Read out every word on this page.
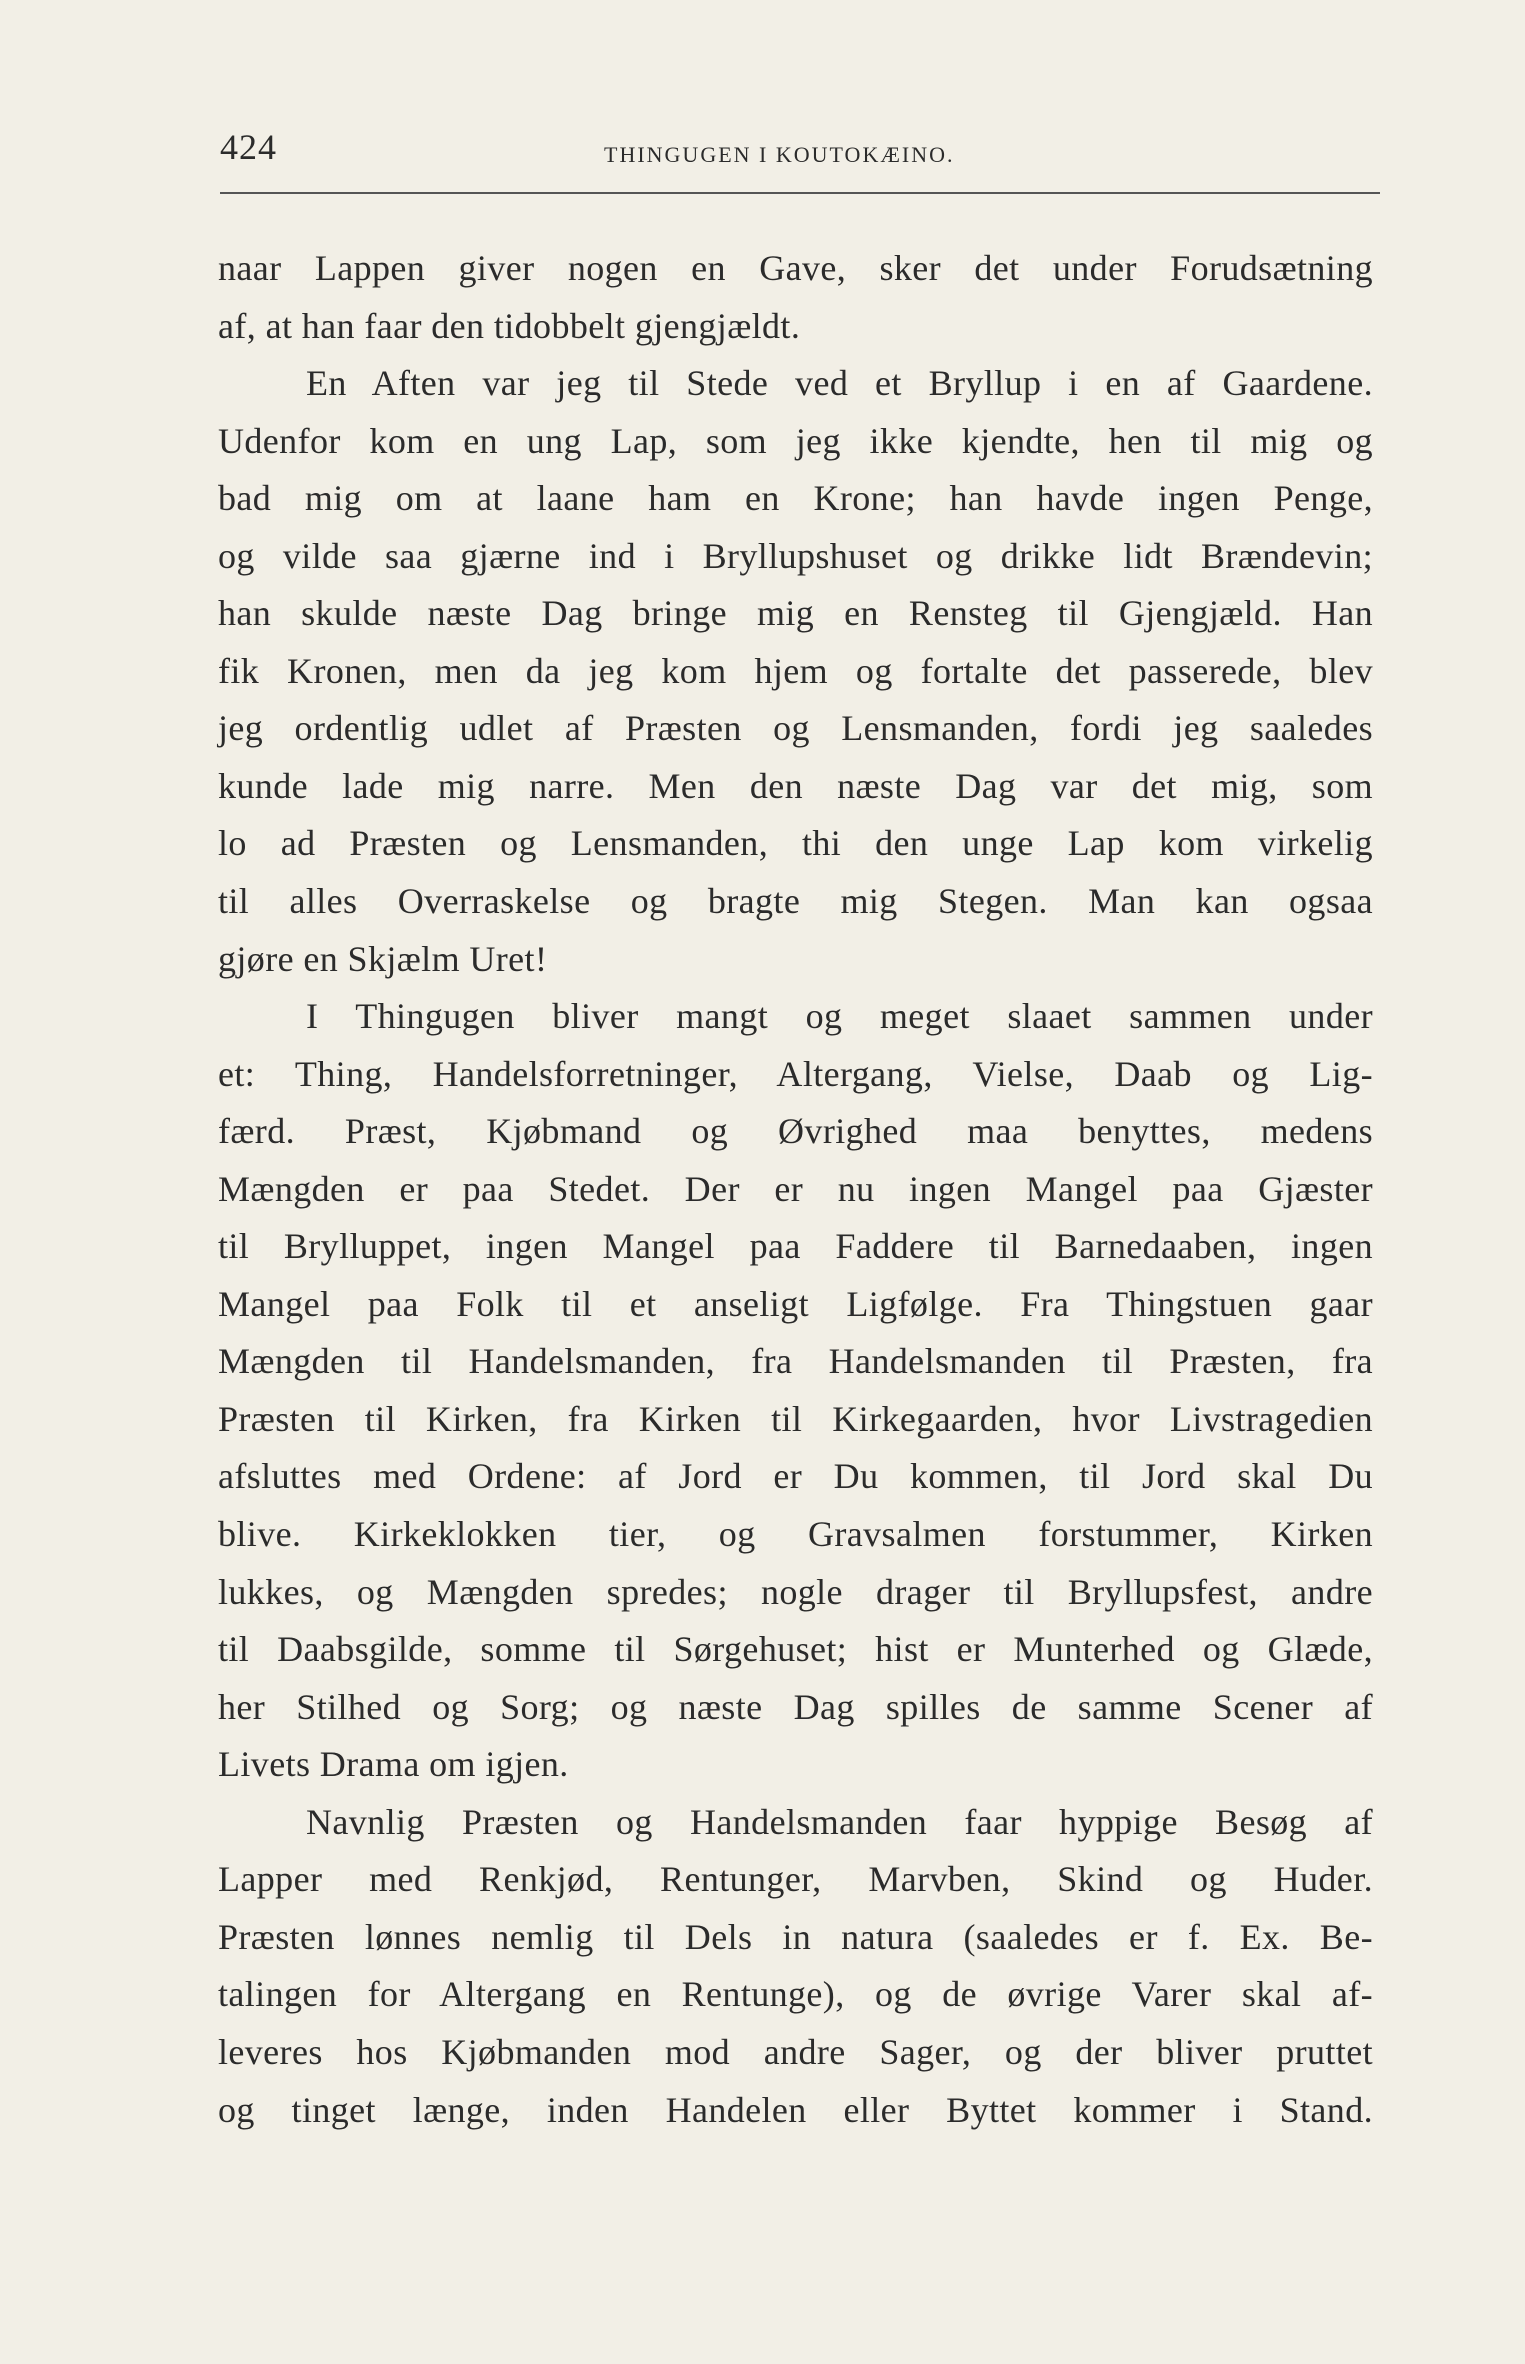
424	THINGUGEN I KOUTOKÆINO.
naar Lappen giver nogen en Gave, sker det under Forudsætning
af, at han faar den tidobbelt gjengjældt.
En Aften var jeg til Stede ved et Bryllup i en af Gaardene.
Udenfor kom en ung Lap, som jeg ikke kjendte, hen til mig og
bad mig om at laane ham en Krone; han havde ingen Penge,
og vilde saa gjærne ind i Bryllupshuset og drikke lidt Brændevin;
han skulde næste Dag bringe mig en Rensteg til Gjengjæld. Han
fik Kronen, men da jeg kom hjem og fortalte det passerede, blev
jeg ordentlig udlet af Præsten og Lensmanden, fordi jeg saaledes
kunde lade mig narre. Men den næste Dag var det mig, som
lo ad Præsten og Lensmanden, thi den unge Lap kom virkelig
til alles Overraskelse og bragte mig Stegen. Man kan ogsaa
gjøre en Skjælm Uret!
I Thingugen bliver mangt og meget slaaet sammen under
et: Thing, Handelsforretninger, Altergang, Vielse, Daab og Lig-
færd. Præst, Kjøbmand og Øvrighed maa benyttes, medens
Mængden er paa Stedet. Der er nu ingen Mangel paa Gjæster
til Brylluppet, ingen Mangel paa Faddere til Barnedaaben, ingen
Mangel paa Folk til et anseligt Ligfølge. Fra Thingstuen gaar
Mængden til Handelsmanden, fra Handelsmanden til Præsten, fra
Præsten til Kirken, fra Kirken til Kirkegaarden, hvor Livstragedien
afsluttes med Ordene: af Jord er Du kommen, til Jord skal Du
blive. Kirkeklokken tier, og Gravsalmen forstummer, Kirken
lukkes, og Mængden spredes; nogle drager til Bryllupsfest, andre
til Daabsgilde, somme til Sørgehuset; hist er Munterhed og Glæde,
her Stilhed og Sorg; og næste Dag spilles de samme Scener af
Livets Drama om igjen.
Navnlig Præsten og Handelsmanden faar hyppige Besøg af
Lapper med Renkjød, Rentunger, Marvben, Skind og Huder.
Præsten lønnes nemlig til Dels in natura (saaledes er f. Ex. Be-
talingen for Altergang en Rentunge), og de øvrige Varer skal af-
leveres hos Kjøbmanden mod andre Sager, og der bliver pruttet
og tinget længe, inden Handelen eller Byttet kommer i Stand.
